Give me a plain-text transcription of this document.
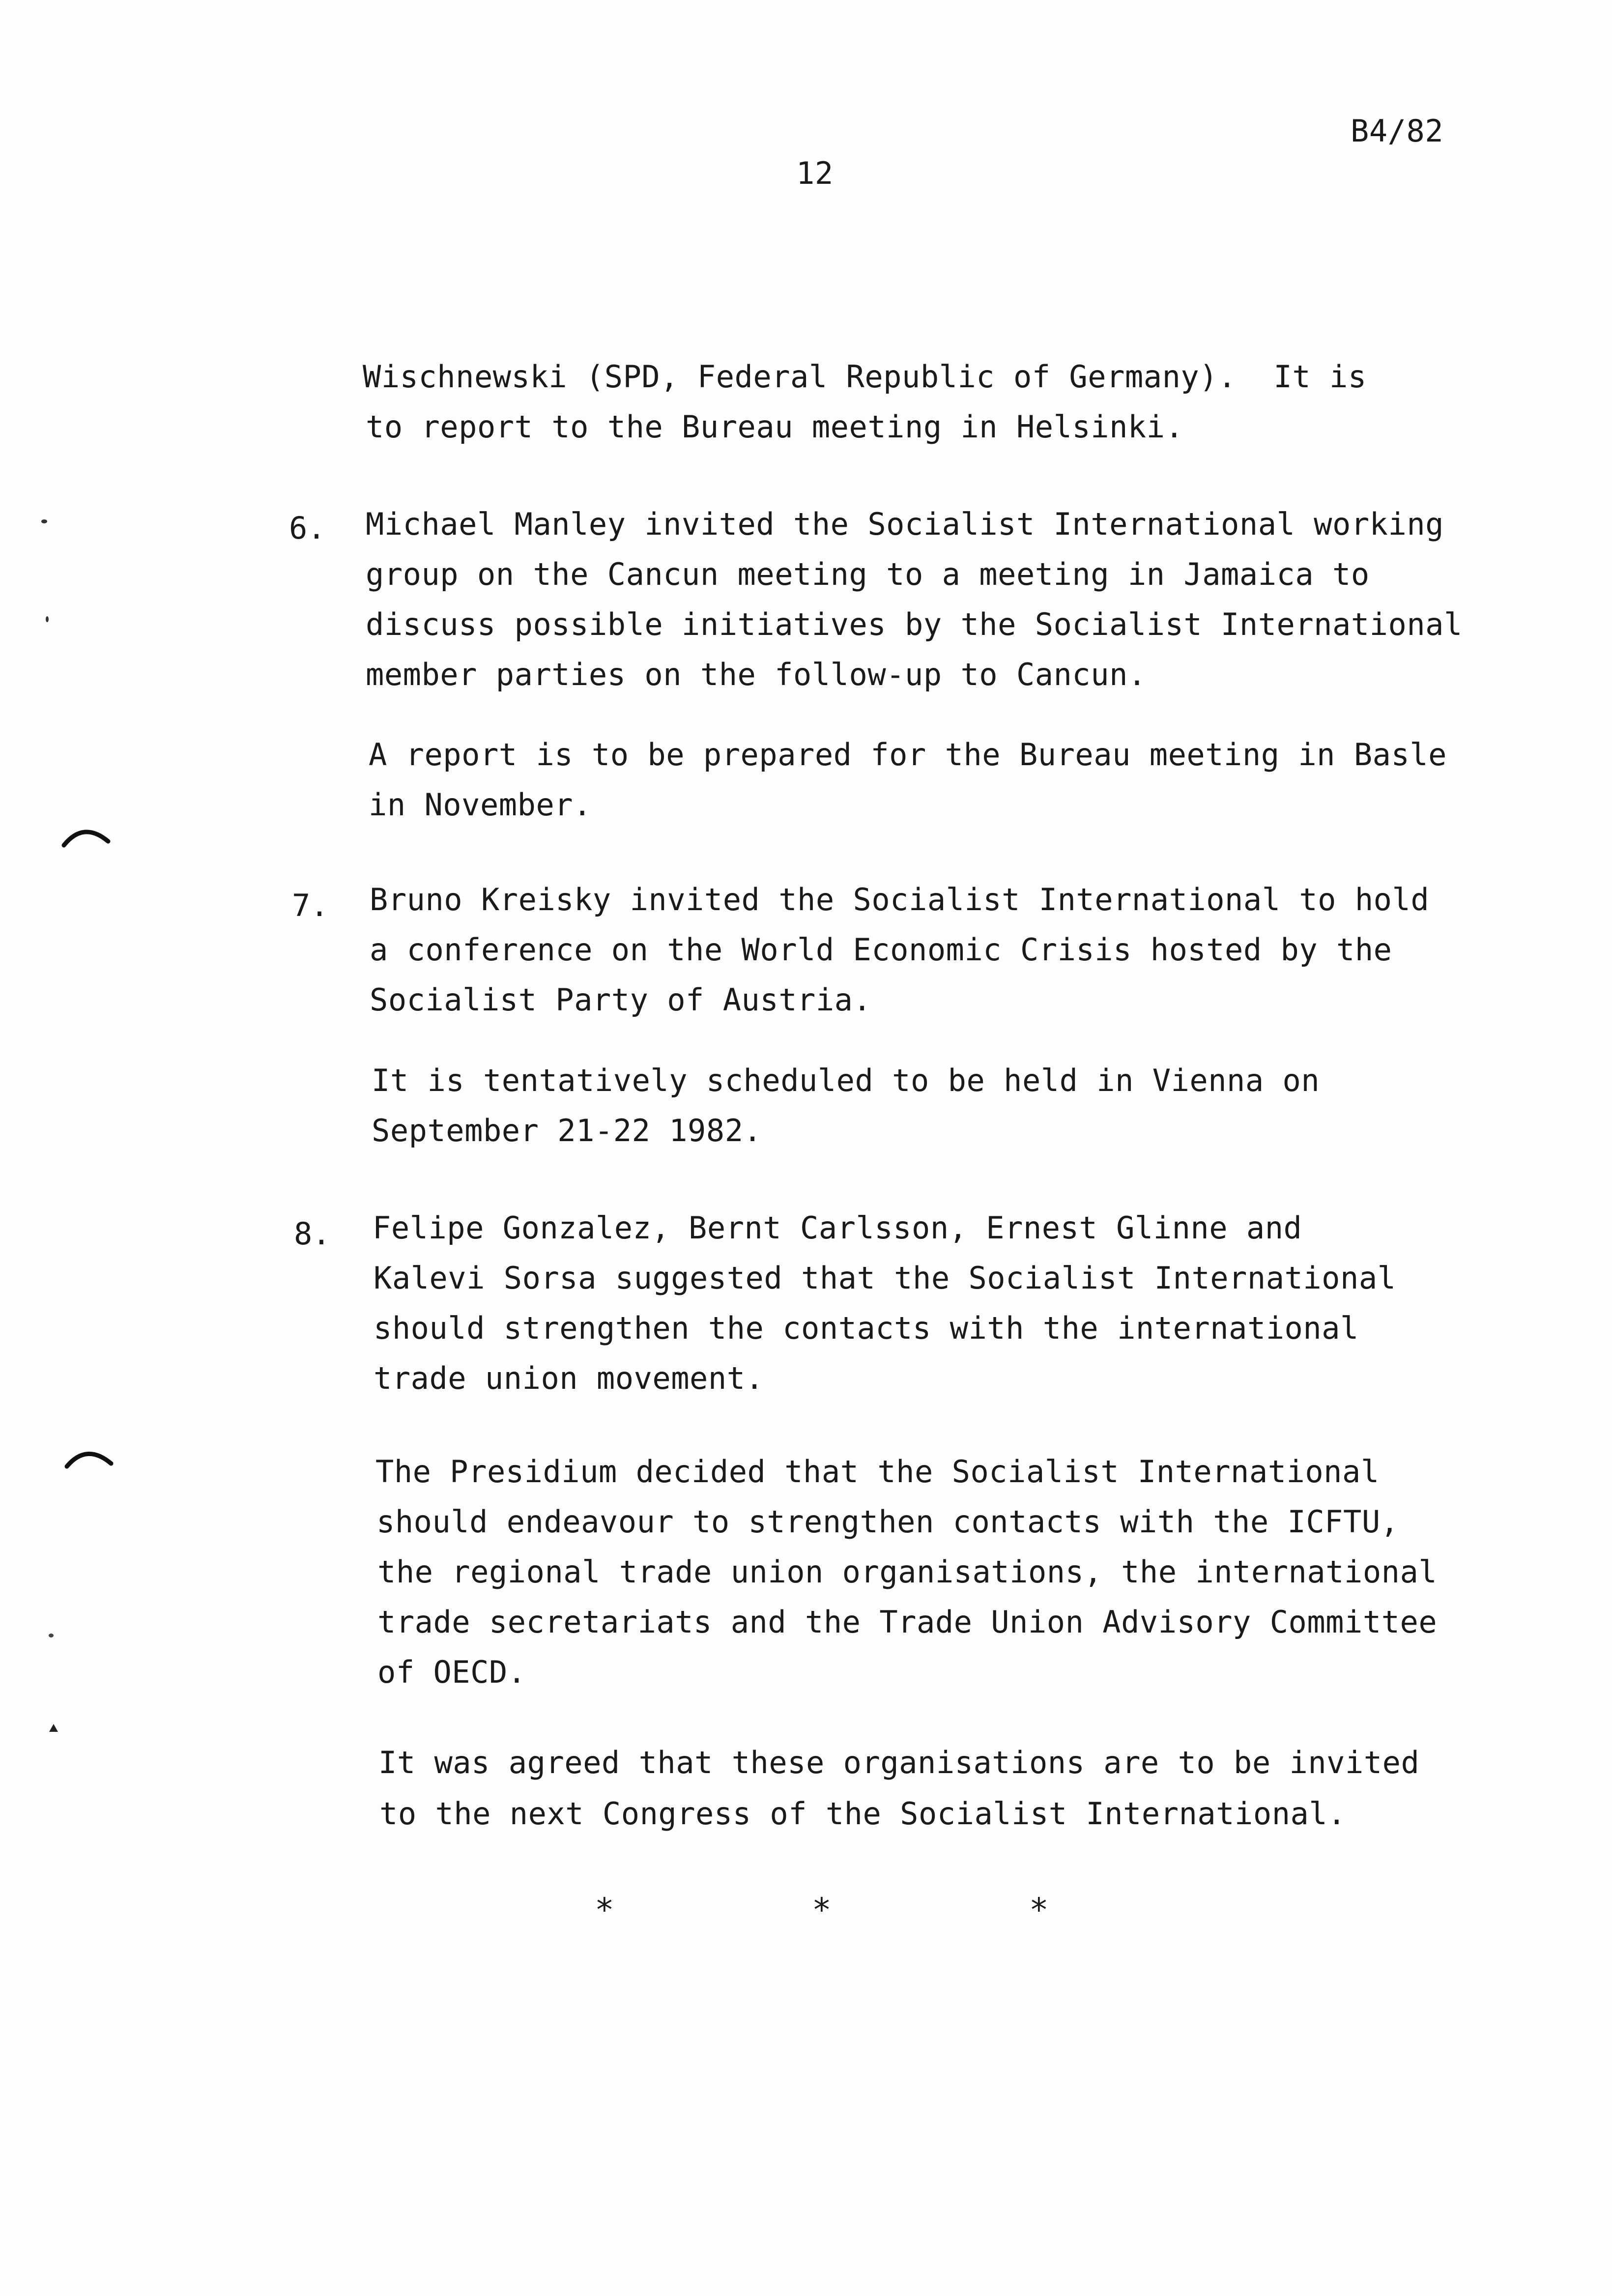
B4/82
12
Wischnewski (SPD, Federal Republic of Germany).  It is
to report to the Bureau meeting in Helsinki.
6. Michael Manley invited the Socialist International working
group on the Cancun meeting to a meeting in Jamaica to
discuss possible initiatives by the Socialist International
member parties on the follow-up to Cancun.
A report is to be prepared for the Bureau meeting in Basle
in November.
7. Bruno Kreisky invited the Socialist International to hold
a conference on the World Economic Crisis hosted by the
Socialist Party of Austria.
It is tentatively scheduled to be held in Vienna on
September 21-22 1982.
8. Felipe Gonzalez, Bernt Carlsson, Ernest Glinne and
Kalevi Sorsa suggested that the Socialist International
should strengthen the contacts with the international
trade union movement.
The Presidium decided that the Socialist International
should endeavour to strengthen contacts with the ICFTU,
the regional trade union organisations, the international
trade secretariats and the Trade Union Advisory Committee
of OECD.
It was agreed that these organisations are to be invited
to the next Congress of the Socialist International.
*	*	*
